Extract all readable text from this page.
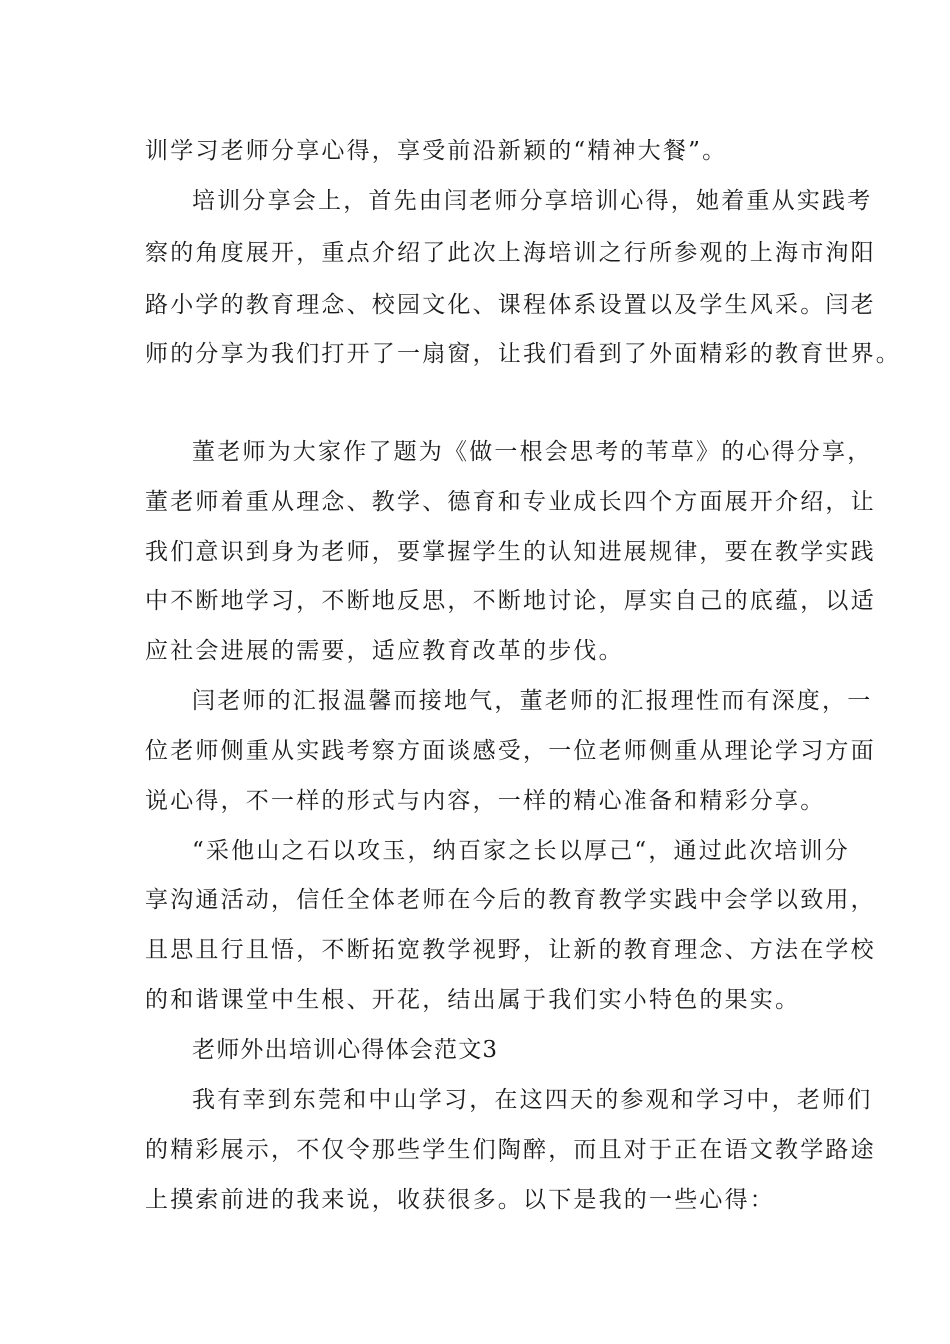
训学习老师分享心得，享受前沿新颖的“精神大餐”。
培训分享会上，首先由闫老师分享培训心得，她着重从实践考
察的角度展开，重点介绍了此次上海培训之行所参观的上海市洵阳
路小学的教育理念、校园文化、课程体系设置以及学生风采。闫老
师的分享为我们打开了一扇窗，让我们看到了外面精彩的教育世界。
董老师为大家作了题为《做一根会思考的苇草》的心得分享，
董老师着重从理念、教学、德育和专业成长四个方面展开介绍，让
我们意识到身为老师，要掌握学生的认知进展规律，要在教学实践
中不断地学习，不断地反思，不断地讨论，厚实自己的底蕴，以适
应社会进展的需要，适应教育改革的步伐。
闫老师的汇报温馨而接地气，董老师的汇报理性而有深度，一
位老师侧重从实践考察方面谈感受，一位老师侧重从理论学习方面
说心得，不一样的形式与内容，一样的精心准备和精彩分享。
“采他山之石以攻玉，纳百家之长以厚己“，通过此次培训分
享沟通活动，信任全体老师在今后的教育教学实践中会学以致用，
且思且行且悟，不断拓宽教学视野，让新的教育理念、方法在学校
的和谐课堂中生根、开花，结出属于我们实小特色的果实。
老师外出培训心得体会范文3
我有幸到东莞和中山学习，在这四天的参观和学习中，老师们
的精彩展示，不仅令那些学生们陶醉，而且对于正在语文教学路途
上摸索前进的我来说，收获很多。以下是我的一些心得：
